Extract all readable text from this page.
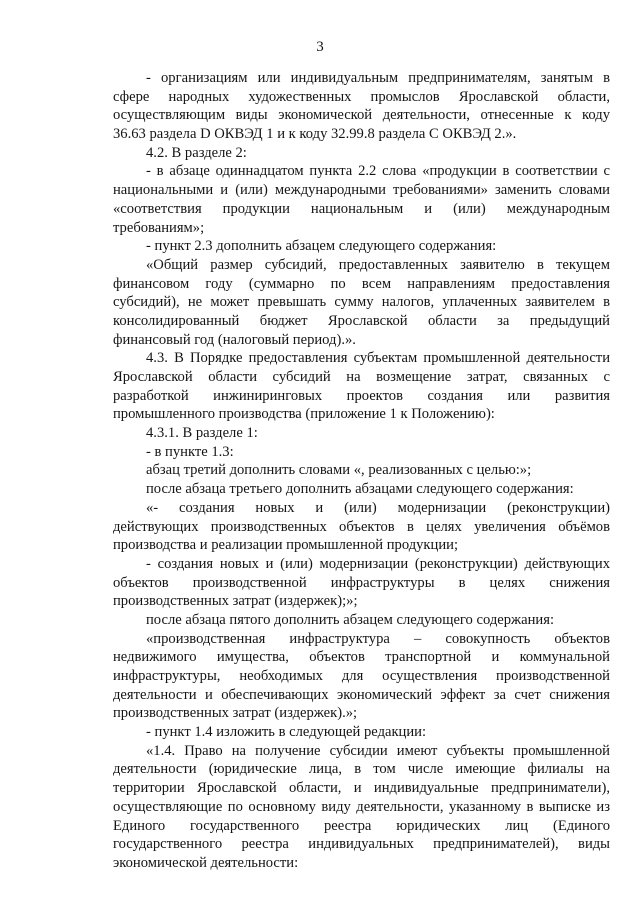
3
- организациям или индивидуальным предпринимателям, занятым в
сфере народных художественных промыслов Ярославской области,
осуществляющим виды экономической деятельности, отнесенные к коду
36.63 раздела D ОКВЭД 1 и к коду 32.99.8 раздела С ОКВЭД 2.».
4.2. В разделе 2:
- в абзаце одиннадцатом пункта 2.2 слова «продукции в соответствии с
национальными и (или) международными требованиями» заменить словами
«соответствия продукции национальным и (или) международным
требованиям»;
- пункт 2.3 дополнить абзацем следующего содержания:
«Общий размер субсидий, предоставленных заявителю в текущем
финансовом году (суммарно по всем направлениям предоставления
субсидий), не может превышать сумму налогов, уплаченных заявителем в
консолидированный бюджет Ярославской области за предыдущий
финансовый год (налоговый период).».
4.3. В Порядке предоставления субъектам промышленной деятельности
Ярославской области субсидий на возмещение затрат, связанных с
разработкой инжиниринговых проектов создания или развития
промышленного производства (приложение 1 к Положению):
4.3.1. В разделе 1:
- в пункте 1.3:
абзац третий дополнить словами «, реализованных с целью:»;
после абзаца третьего дополнить абзацами следующего содержания:
«- создания новых и (или) модернизации (реконструкции)
действующих производственных объектов в целях увеличения объёмов
производства и реализации промышленной продукции;
- создания новых и (или) модернизации (реконструкции) действующих
объектов производственной инфраструктуры в целях снижения
производственных затрат (издержек);»;
после абзаца пятого дополнить абзацем следующего содержания:
«производственная инфраструктура – совокупность объектов
недвижимого имущества, объектов транспортной и коммунальной
инфраструктуры, необходимых для осуществления производственной
деятельности и обеспечивающих экономический эффект за счет снижения
производственных затрат (издержек).»;
- пункт 1.4 изложить в следующей редакции:
«1.4. Право на получение субсидии имеют субъекты промышленной
деятельности (юридические лица, в том числе имеющие филиалы на
территории Ярославской области, и индивидуальные предприниматели),
осуществляющие по основному виду деятельности, указанному в выписке из
Единого государственного реестра юридических лиц (Единого
государственного реестра индивидуальных предпринимателей), виды
экономической деятельности:
